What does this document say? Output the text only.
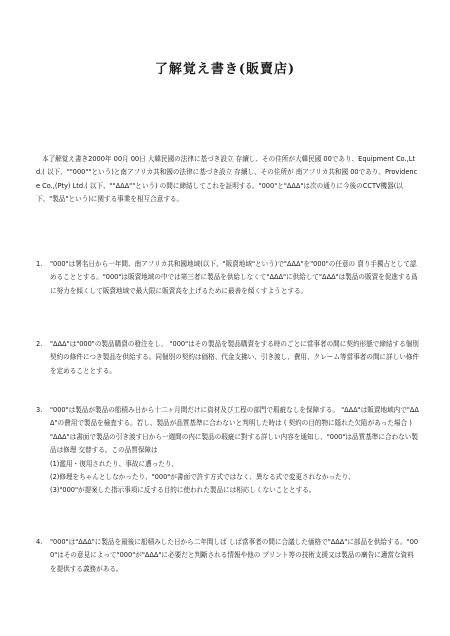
了解覚え書き(販賣店)
本了解覚え書き2000年 00月 00日 大韓民國の法律に基づき設立 存續し、その住所が大韓民國 00であり、Equipment Co.,Ltd.( 以下、""000""という)と南アフリカ共和國の法律に基づき設立 存續し、その住所が 南アフリカ共和國 00であり、Providence Co.,(Pty) Ltd.( 以下、""ΔΔΔ""という) の間に締結してこれを証明する。"000"と"ΔΔΔ"は次の通りに今後のCCTV機器(以下、"製品"という)に関する事業を相互合意する。
1.	"000"は署名日から一年間、南アフリカ共和國地域(以下、"販賣地域"という)で"ΔΔΔ"を"000"の任意の 賣り手獨占として認めることとする。"000"は販賣地域の中では第三者に製品を供給しなくて"ΔΔΔ"に供給して"ΔΔΔ"は製品の販賣を促進する爲に努力を傾くして販賣地域で最大限に販賣高を上げるために最善を傾くすようとする。
2.	"ΔΔΔ"は"000"の製品購賣の發注をし、 "000"はその製品を製品購賣をする時のごとに當事者の間に契約形態で締結する個別契約の條件につき製品を供給する。同個別の契約は価格、代金支拂い、引き渡し、費用、クレーム等當事者の間に詳しい條件を定めることとする。
3.	"000"は製品が製品の船積み日から十二ヶ月間だけに資材及び工程の部門で瑕疵なしを保障する。 "ΔΔΔ"は販賣地域内で"ΔΔΔ"の費用で製品を檢査する。若し、製品が品質基準に合わないと判明した時は ( 契約の目的物に隱れた欠陥があった場合 ) "ΔΔΔ"は書面で製品の引き渡す日から一週間の内に製品の瑕疵に對する詳しい内容を通知し、"000"は品質基準に合わない製品は修理 交替する。この品質保障は
(1)濫用・復用されたり、事故に遭ったり、
(2)修理をちゃんとしなかったり、"000"が書面で許す方式ではなく、異なる式で変更されなかったり、
(3)"000"が提案した指示事項に反する目的に使われた製品には相応しくないこととする。
4.	"000"は"ΔΔΔ"に製品を最後に船積みした日から二年間しば しば當事者の間に合議した価格で"ΔΔΔ"に部品を供給する。"000"はその意見によって"000"が"ΔΔΔ"に必要だと判斷される情報や他の プリント等の技術支援又は製品の廣告に適當な資料を提供する義務がある。
